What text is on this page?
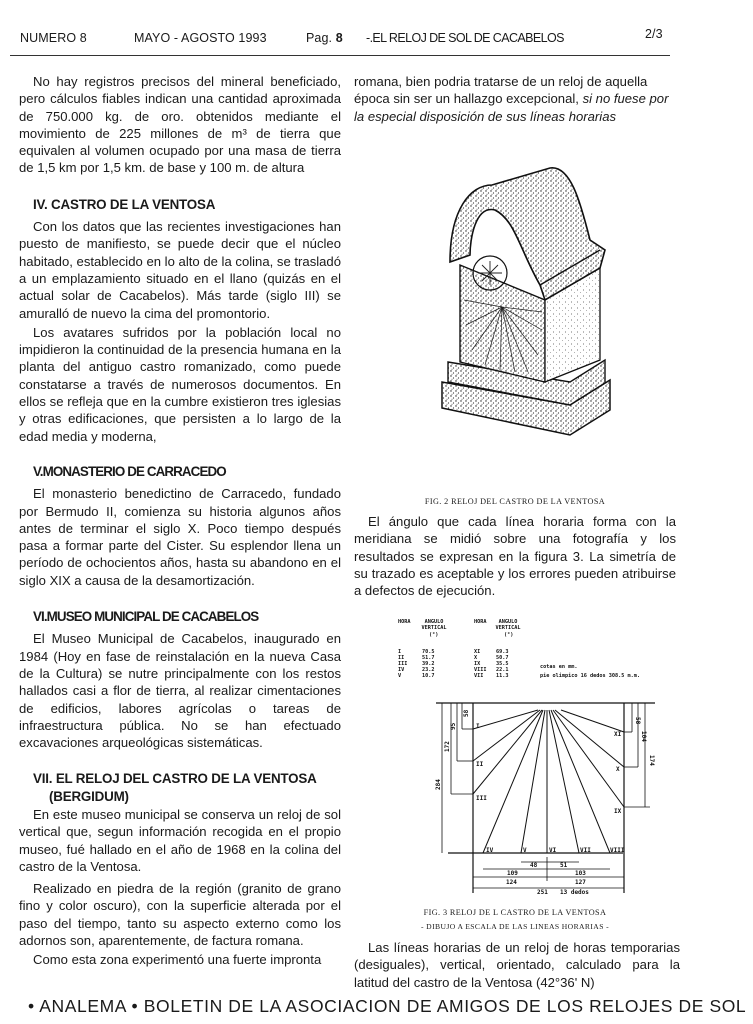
NUMERO 8	MAYO - AGOSTO 1993	Pag. 8 -.EL RELOJ DE SOL DE CACABELOS	2/3

No hay registros precisos del mineral beneficiado, pero cálculos fiables indican una cantidad aproximada de 750.000 kg. de oro. obtenidos mediante el movimiento de 225 millones de m³ de tierra que equivalen al volumen ocupado por una masa de tierra de 1,5 km por 1,5 km. de base y 100 m. de altura

IV. CASTRO DE LA VENTOSA

Con los datos que las recientes investigaciones han puesto de manifiesto, se puede decir que el núcleo habitado, establecido en lo alto de la colina, se trasladó a un emplazamiento situado en el llano (quizás en el actual solar de Cacabelos). Más tarde (siglo III) se amuralló de nuevo la cima del promontorio.

Los avatares sufridos por la población local no impidieron la continuidad de la presencia humana en la planta del antiguo castro romanizado, como puede constatarse a través de numerosos documentos. En ellos se refleja que en la cumbre existieron tres iglesias y otras edificaciones, que persisten a lo largo de la edad media y moderna,

V.MONASTERIO DE CARRACEDO

El monasterio benedictino de Carracedo, fundado por Bermudo II, comienza su historia algunos años antes de terminar el siglo X. Poco tiempo después pasa a formar parte del Cister. Su esplendor llena un período de ochocientos años, hasta su abandono en el siglo XIX a causa de la desamortización.

VI.MUSEO MUNICIPAL DE CACABELOS

El Museo Municipal de Cacabelos, inaugurado en 1984 (Hoy en fase de reinstalación en la nueva Casa de la Cultura) se nutre principalmente con los restos hallados casi a flor de tierra, al realizar cimentaciones de edificios, labores agrícolas o tareas de infraestructura pública. No se han efectuado excavaciones arqueológicas sistemáticas.

VII. EL RELOJ DEL CASTRO DE LA VENTOSA
(BERGIDUM)

En este museo municipal se conserva un reloj de sol vertical que, segun información recogida en el propio museo, fué hallado en el año de 1968 en la colina del castro de la Ventosa.

Realizado en piedra de la región (granito de grano fino y color oscuro), con la superficie alterada por el paso del tiempo, tanto su aspecto externo como los adornos son, aparentemente, de factura romana.

Como esta zona experimentó una fuerte impronta

romana, bien podria tratarse de un reloj de aquella época sin ser un hallazgo excepcional, si no fuese por la especial disposición de sus líneas horarias

FIG. 2 RELOJ DEL CASTRO DE LA VENTOSA

El ángulo que cada línea horaria forma con la meridiana se midió sobre una fotografía y los resultados se expresan en la figura 3. La simetría de su trazado es aceptable y los errores pueden atribuirse a defectos de ejecución.

HORA	ANGULO VERTICAL
(°)
HORA	ANGULO VERTICAL
(°)
I	70.5
II	51.7
III	39.2
IV	23.2
V	10.7
XI	69.3
X	50.7
IX	35.5
VIII 22.1
VII 11.3
cotas en mm.
pie olimpico 16 dedos 308.5 m.m.
I
II
III
IV	V	VI	VII	VIII
IX
X
XI
58
95
172
284
58
104
174
48	51
109	103
124	127
251 13 dedos
FIG. 3 RELOJ DE L CASTRO DE LA VENTOSA
- DIBUJO A ESCALA DE LAS LINEAS HORARIAS -

Las líneas horarias de un reloj de horas temporarias (desiguales), vertical, orientado, calculado para la latitud del castro de la Ventosa (42°36' N)

• ANALEMA • BOLETIN DE LA ASOCIACION DE AMIGOS DE LOS RELOJES DE SOL
